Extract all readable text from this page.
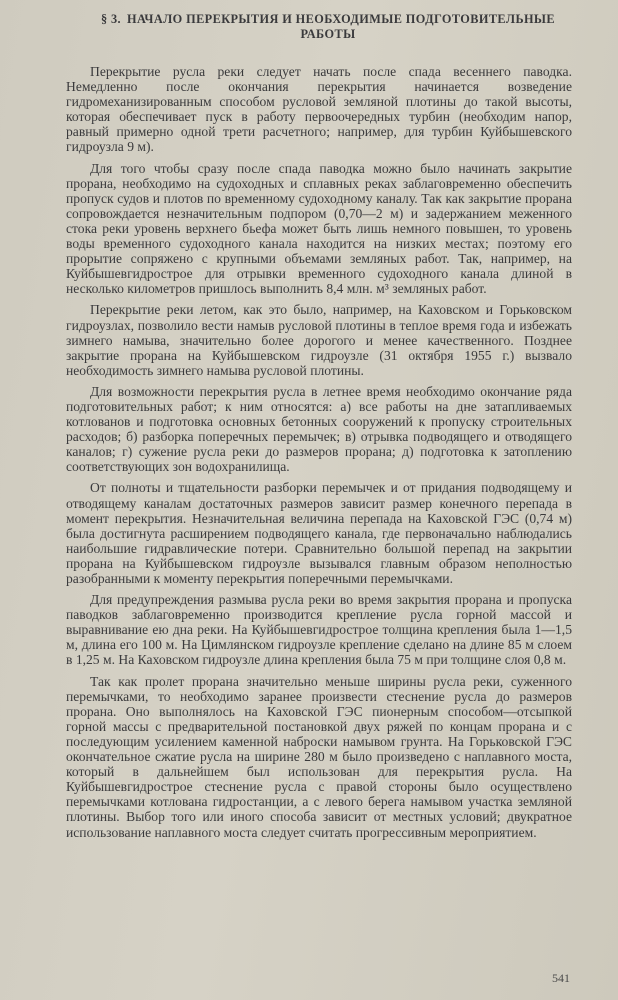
§ 3. НАЧАЛО ПЕРЕКРЫТИЯ И НЕОБХОДИМЫЕ ПОДГОТОВИТЕЛЬНЫЕ РАБОТЫ

Перекрытие русла реки следует начать после спада весеннего паводка. Немедленно после окончания перекрытия начинается возведение гидромеханизированным способом русловой земляной плотины до такой высоты, которая обеспечивает пуск в работу первоочередных турбин (необходим напор, равный примерно одной трети расчетного; например, для турбин Куйбышевского гидроузла 9 м).

Для того чтобы сразу после спада паводка можно было начинать закрытие прорана, необходимо на судоходных и сплавных реках заблаговременно обеспечить пропуск судов и плотов по временному судоходному каналу. Так как закрытие прорана сопровождается незначительным подпором (0,70—2 м) и задержанием меженного стока реки уровень верхнего бьефа может быть лишь немного повышен, то уровень воды временного судоходного канала находится на низких местах; поэтому его прорытие сопряжено с крупными объемами земляных работ. Так, например, на Куйбышевгидрострое для отрывки временного судоходного канала длиной в несколько километров пришлось выполнить 8,4 млн. м³ земляных работ.

Перекрытие реки летом, как это было, например, на Каховском и Горьковском гидроузлах, позволило вести намыв русловой плотины в теплое время года и избежать зимнего намыва, значительно более дорогого и менее качественного. Позднее закрытие прорана на Куйбышевском гидроузле (31 октября 1955 г.) вызвало необходимость зимнего намыва русловой плотины.

Для возможности перекрытия русла в летнее время необходимо окончание ряда подготовительных работ; к ним относятся: а) все работы на дне затапливаемых котлованов и подготовка основных бетонных сооружений к пропуску строительных расходов; б) разборка поперечных перемычек; в) отрывка подводящего и отводящего каналов; г) сужение русла реки до размеров прорана; д) подготовка к затоплению соответствующих зон водохранилища.

От полноты и тщательности разборки перемычек и от придания подводящему и отводящему каналам достаточных размеров зависит размер конечного перепада в момент перекрытия. Незначительная величина перепада на Каховской ГЭС (0,74 м) была достигнута расширением подводящего канала, где первоначально наблюдались наибольшие гидравлические потери. Сравнительно большой перепад на закрытии прорана на Куйбышевском гидроузле вызывался главным образом неполностью разобранными к моменту перекрытия поперечными перемычками.

Для предупреждения размыва русла реки во время закрытия прорана и пропуска паводков заблаговременно производится крепление русла горной массой и выравнивание ею дна реки. На Куйбышевгидрострое толщина крепления была 1—1,5 м, длина его 100 м. На Цимлянском гидроузле крепление сделано на длине 85 м слоем в 1,25 м. На Каховском гидроузле длина крепления была 75 м при толщине слоя 0,8 м.

Так как пролет прорана значительно меньше ширины русла реки, суженного перемычками, то необходимо заранее произвести стеснение русла до размеров прорана. Оно выполнялось на Каховской ГЭС пионерным способом—отсыпкой горной массы с предварительной постановкой двух ряжей по концам прорана и с последующим усилением каменной наброски намывом грунта. На Горьковской ГЭС окончательное сжатие русла на ширине 280 м было произведено с наплавного моста, который в дальнейшем был использован для перекрытия русла. На Куйбышевгидрострое стеснение русла с правой стороны было осуществлено перемычками котлована гидростанции, а с левого берега намывом участка земляной плотины. Выбор того или иного способа зависит от местных условий; двукратное использование наплавного моста следует считать прогрессивным мероприятием.

541
